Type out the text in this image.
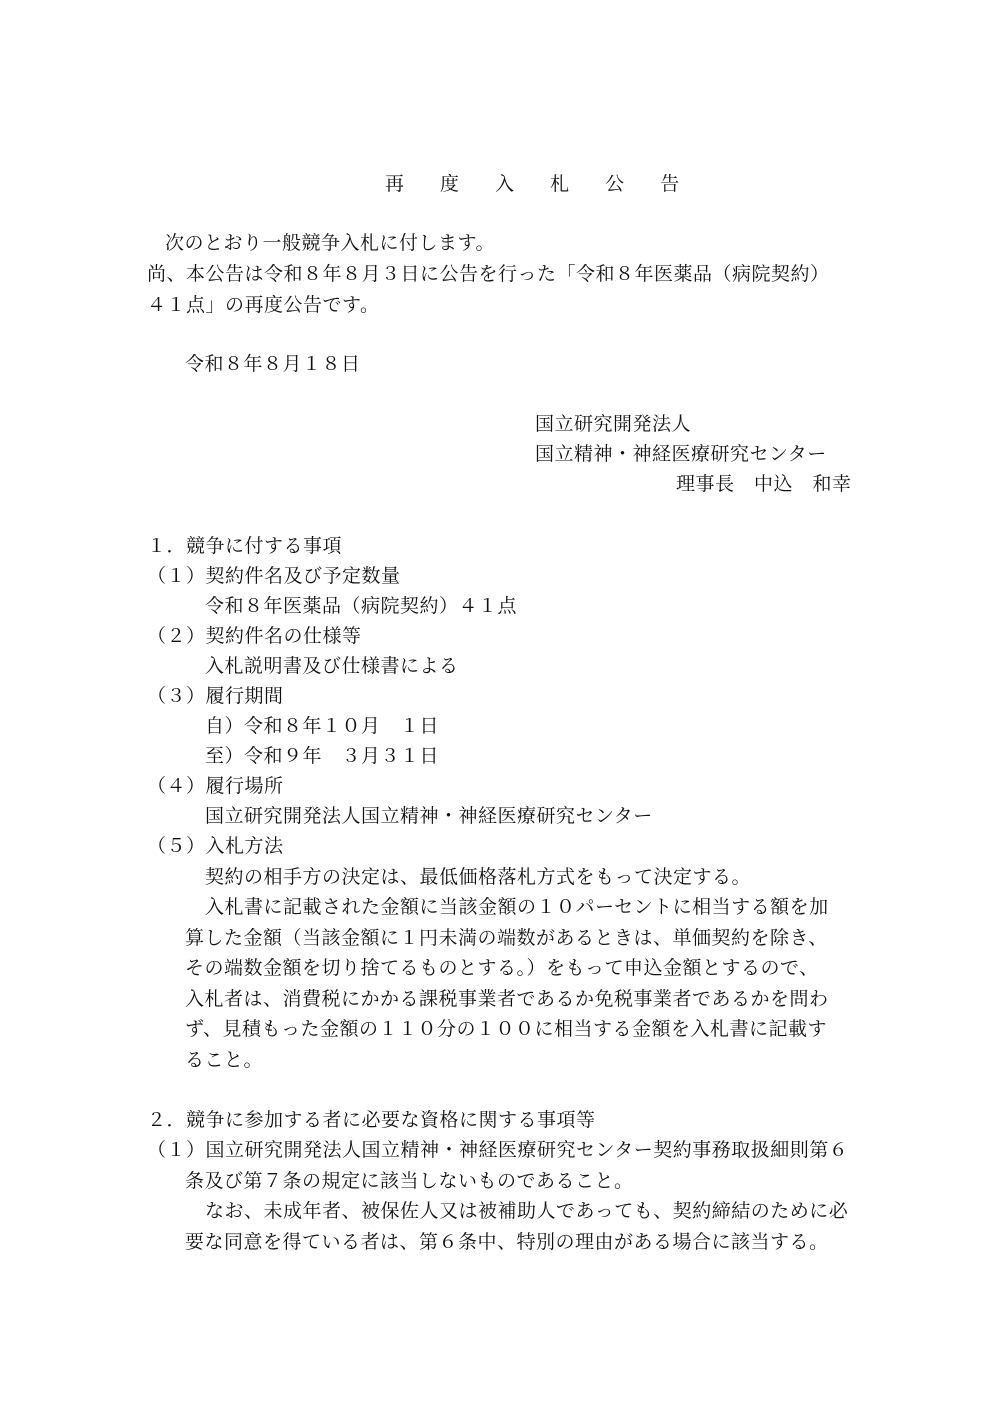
再 度 入 札 公 告
次のとおり一般競争入札に付します。
尚、本公告は令和８年８月３日に公告を行った「令和８年医薬品（病院契約）
４１点」の再度公告です。
令和８年８月１８日
国立研究開発法人
国立精神・神経医療研究センター
理事長　中込　和幸
１．競争に付する事項
（１）契約件名及び予定数量
令和８年医薬品（病院契約）４１点
（２）契約件名の仕様等
入札説明書及び仕様書による
（３）履行期間
自）令和８年１０月　１日
至）令和９年　３月３１日
（４）履行場所
国立研究開発法人国立精神・神経医療研究センター
（５）入札方法
契約の相手方の決定は、最低価格落札方式をもって決定する。
入札書に記載された金額に当該金額の１０パーセントに相当する額を加
算した金額（当該金額に１円未満の端数があるときは、単価契約を除き、
その端数金額を切り捨てるものとする。）をもって申込金額とするので、
入札者は、消費税にかかる課税事業者であるか免税事業者であるかを問わ
ず、見積もった金額の１１０分の１００に相当する金額を入札書に記載す
ること。
２．競争に参加する者に必要な資格に関する事項等
（１）国立研究開発法人国立精神・神経医療研究センター契約事務取扱細則第６
条及び第７条の規定に該当しないものであること。
なお、未成年者、被保佐人又は被補助人であっても、契約締結のために必
要な同意を得ている者は、第６条中、特別の理由がある場合に該当する。
